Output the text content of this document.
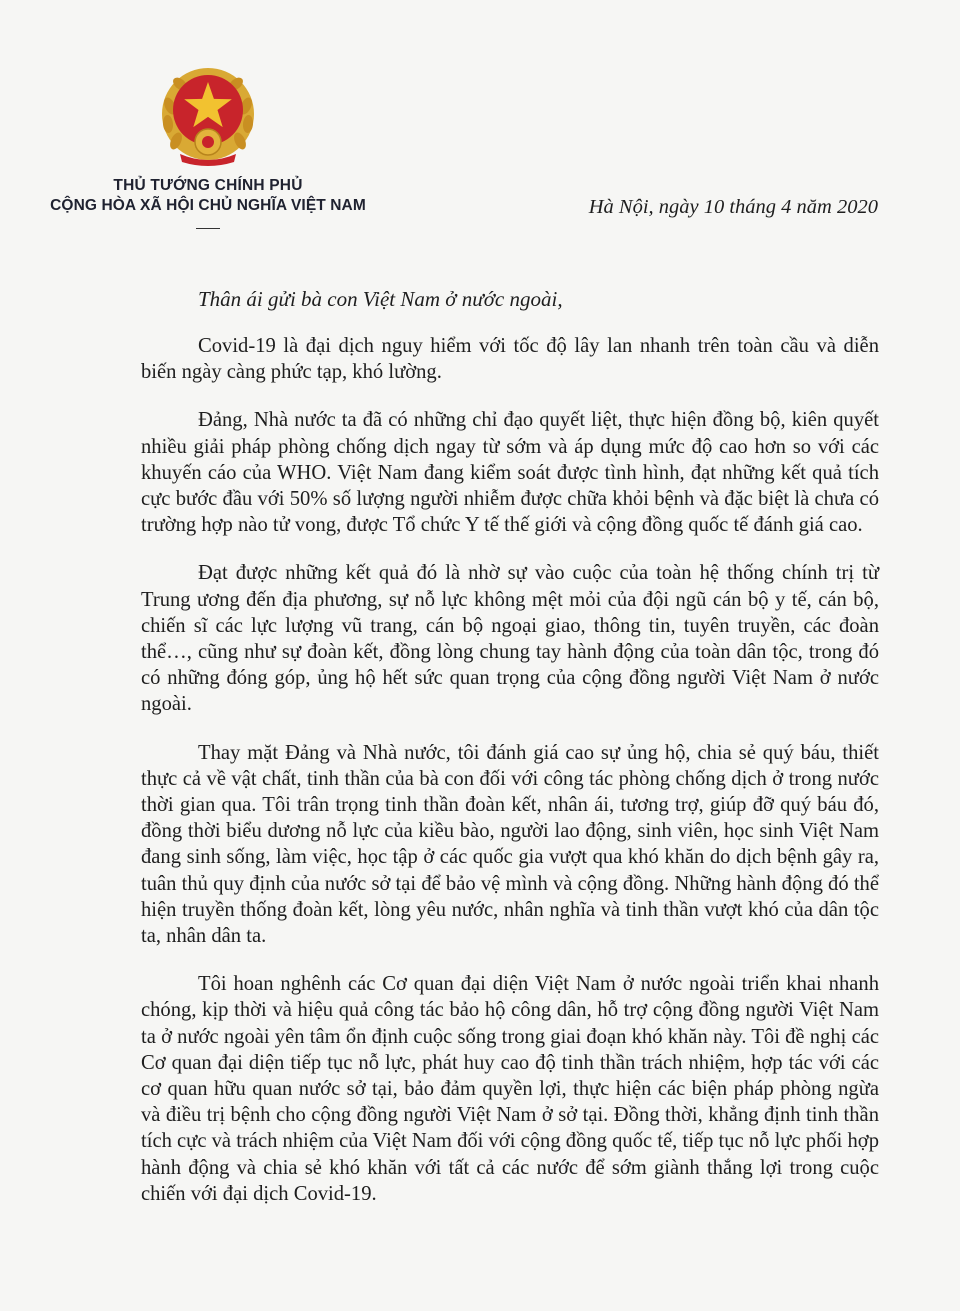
THỦ TƯỚNG CHÍNH PHỦ
CỘNG HÒA XÃ HỘI CHỦ NGHĨA VIỆT NAM	Hà Nội, ngày 10 tháng 4 năm 2020
Thân ái gửi bà con Việt Nam ở nước ngoài,

Covid-19 là đại dịch nguy hiểm với tốc độ lây lan nhanh trên toàn cầu và diễn biến ngày càng phức tạp, khó lường.

Đảng, Nhà nước ta đã có những chỉ đạo quyết liệt, thực hiện đồng bộ, kiên quyết nhiều giải pháp phòng chống dịch ngay từ sớm và áp dụng mức độ cao hơn so với các khuyến cáo của WHO. Việt Nam đang kiểm soát được tình hình, đạt những kết quả tích cực bước đầu với 50% số lượng người nhiễm được chữa khỏi bệnh và đặc biệt là chưa có trường hợp nào tử vong, được Tổ chức Y tế thế giới và cộng đồng quốc tế đánh giá cao.

Đạt được những kết quả đó là nhờ sự vào cuộc của toàn hệ thống chính trị từ Trung ương đến địa phương, sự nỗ lực không mệt mỏi của đội ngũ cán bộ y tế, cán bộ, chiến sĩ các lực lượng vũ trang, cán bộ ngoại giao, thông tin, tuyên truyền, các đoàn thể…, cũng như sự đoàn kết, đồng lòng chung tay hành động của toàn dân tộc, trong đó có những đóng góp, ủng hộ hết sức quan trọng của cộng đồng người Việt Nam ở nước ngoài.

Thay mặt Đảng và Nhà nước, tôi đánh giá cao sự ủng hộ, chia sẻ quý báu, thiết thực cả về vật chất, tinh thần của bà con đối với công tác phòng chống dịch ở trong nước thời gian qua. Tôi trân trọng tinh thần đoàn kết, nhân ái, tương trợ, giúp đỡ quý báu đó, đồng thời biểu dương nỗ lực của kiều bào, người lao động, sinh viên, học sinh Việt Nam đang sinh sống, làm việc, học tập ở các quốc gia vượt qua khó khăn do dịch bệnh gây ra, tuân thủ quy định của nước sở tại để bảo vệ mình và cộng đồng. Những hành động đó thể hiện truyền thống đoàn kết, lòng yêu nước, nhân nghĩa và tinh thần vượt khó của dân tộc ta, nhân dân ta.

Tôi hoan nghênh các Cơ quan đại diện Việt Nam ở nước ngoài triển khai nhanh chóng, kịp thời và hiệu quả công tác bảo hộ công dân, hỗ trợ cộng đồng người Việt Nam ta ở nước ngoài yên tâm ổn định cuộc sống trong giai đoạn khó khăn này. Tôi đề nghị các Cơ quan đại diện tiếp tục nỗ lực, phát huy cao độ tinh thần trách nhiệm, hợp tác với các cơ quan hữu quan nước sở tại, bảo đảm quyền lợi, thực hiện các biện pháp phòng ngừa và điều trị bệnh cho cộng đồng người Việt Nam ở sở tại. Đồng thời, khẳng định tinh thần tích cực và trách nhiệm của Việt Nam đối với cộng đồng quốc tế, tiếp tục nỗ lực phối hợp hành động và chia sẻ khó khăn với tất cả các nước để sớm giành thắng lợi trong cuộc chiến với đại dịch Covid-19.
